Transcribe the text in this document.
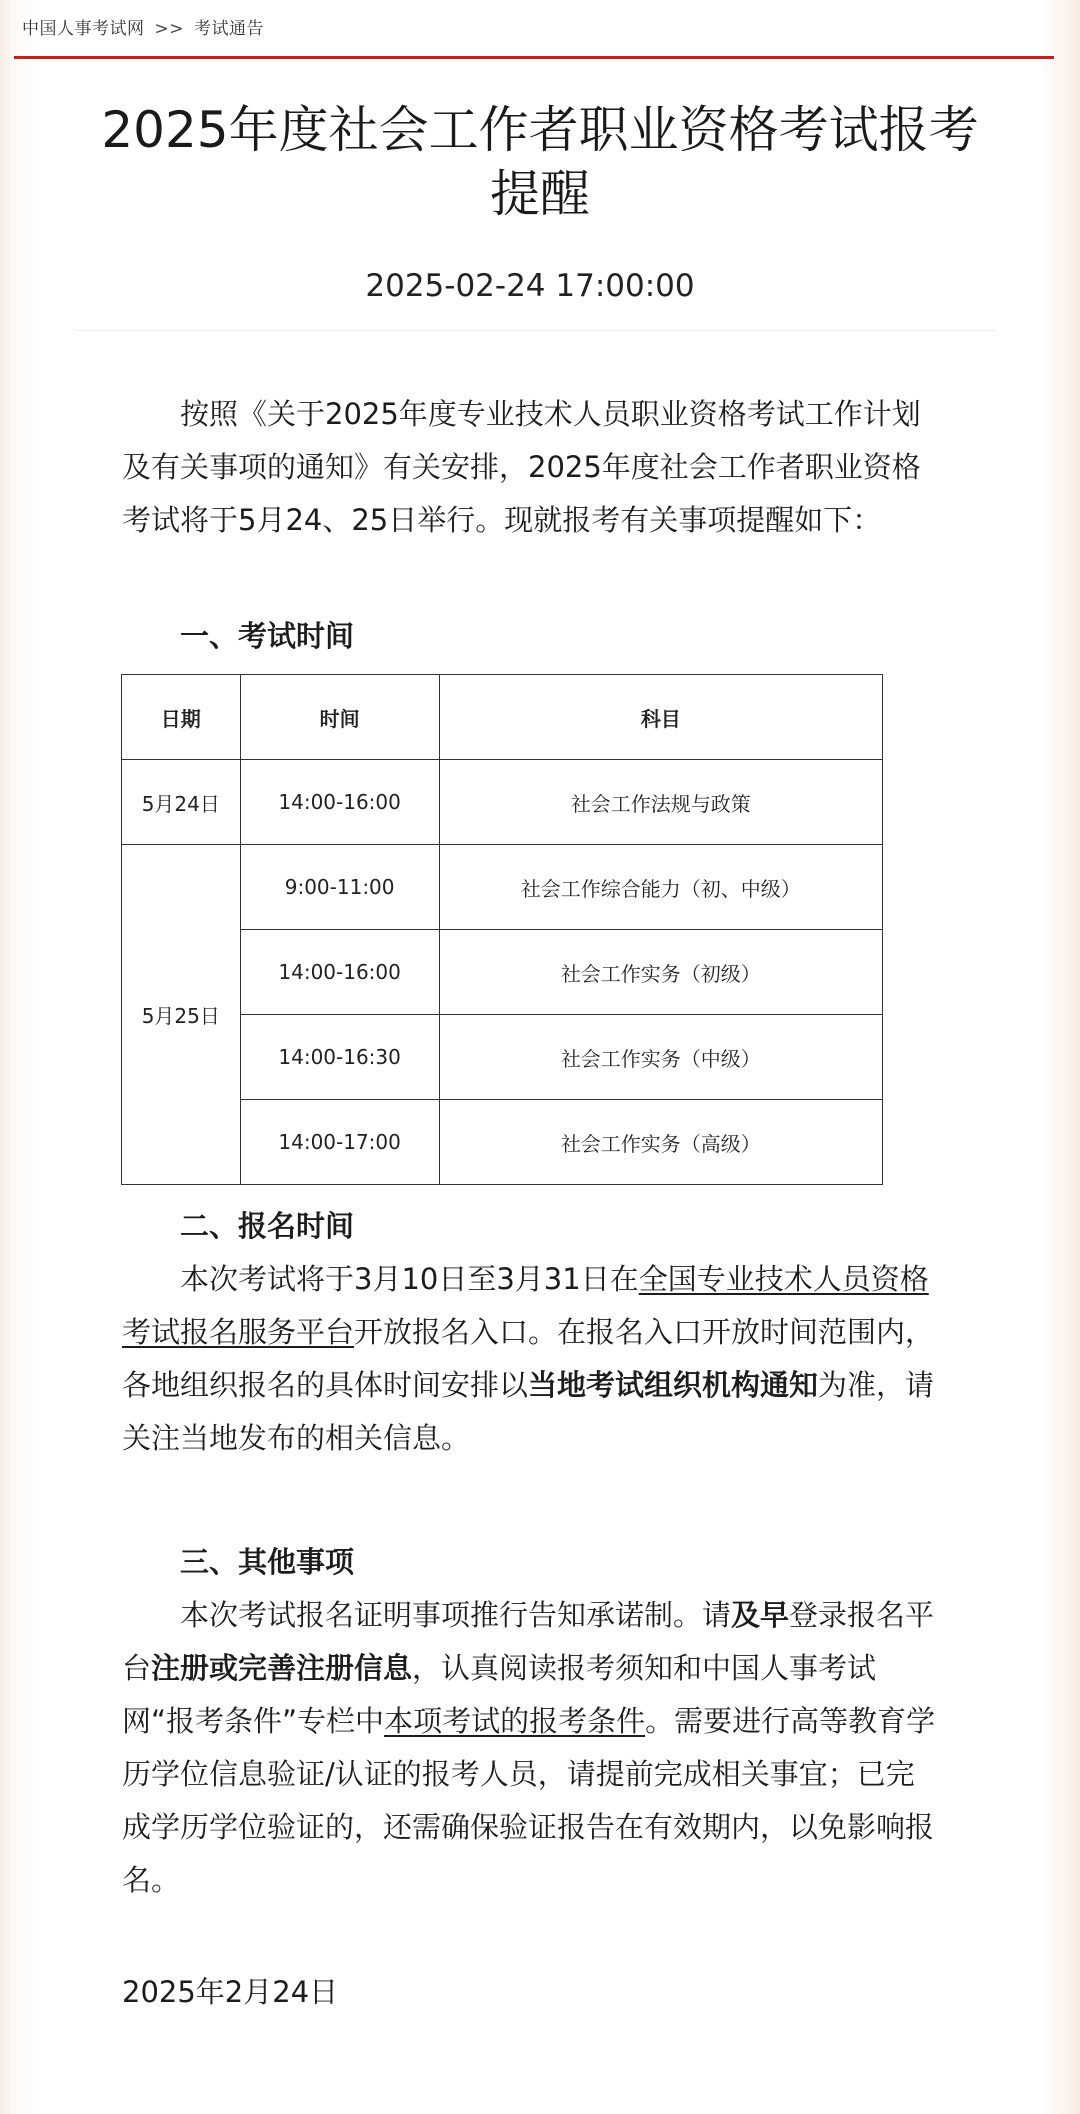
中国人事考试网 >> 考试通告
2025年度社会工作者职业资格考试报考
提醒
2025-02-24 17:00:00

按照《关于2025年度专业技术人员职业资格考试工作计划及有关事项的通知》有关安排，2025年度社会工作者职业资格考试将于5月24、25日举行。现就报考有关事项提醒如下：

一、考试时间

日期	时间	科目
5月24日	14:00-16:00	社会工作法规与政策
5月25日	9:00-11:00	社会工作综合能力（初、中级）
	14:00-16:00	社会工作实务（初级）
	14:00-16:30	社会工作实务（中级）
	14:00-17:00	社会工作实务（高级）

二、报名时间

本次考试将于3月10日至3月31日在全国专业技术人员资格考试报名服务平台开放报名入口。在报名入口开放时间范围内，各地组织报名的具体时间安排以当地考试组织机构通知为准，请关注当地发布的相关信息。

三、其他事项

本次考试报名证明事项推行告知承诺制。请及早登录报名平台注册或完善注册信息，认真阅读报考须知和中国人事考试网“报考条件”专栏中本项考试的报考条件。需要进行高等教育学历学位信息验证/认证的报考人员，请提前完成相关事宜；已完成学历学位验证的，还需确保验证报告在有效期内，以免影响报名。

2025年2月24日
